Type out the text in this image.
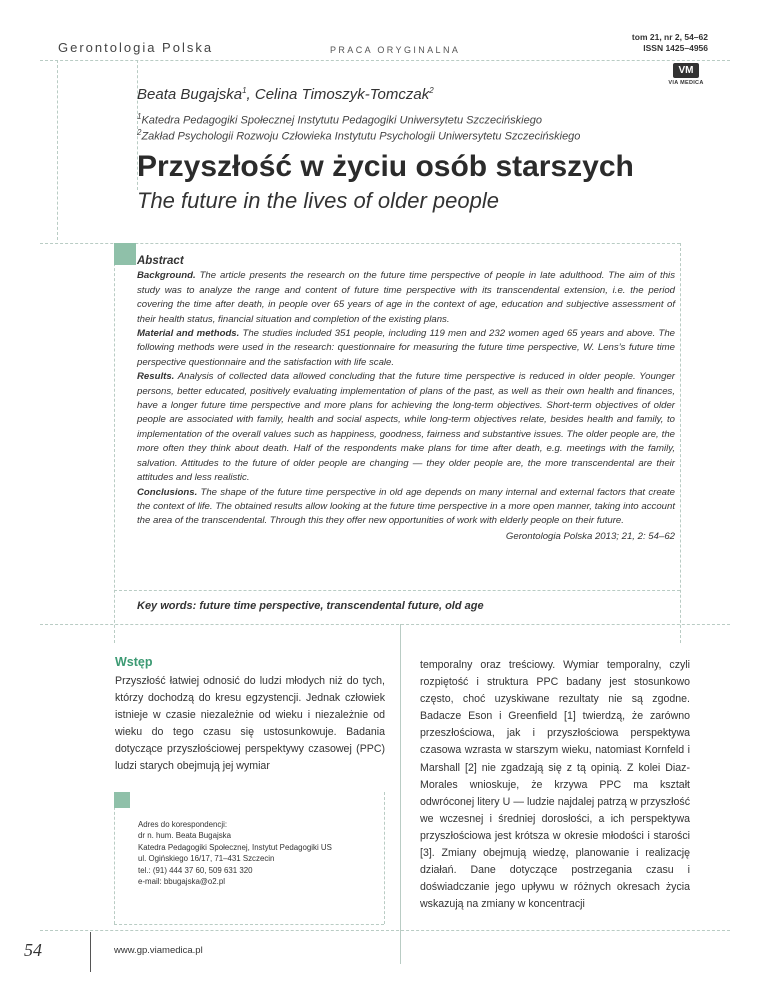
Gerontologia Polska	PRACA ORYGINALNA
tom 21, nr 2, 54–62
ISSN 1425–4956
VM
VIA MEDICA
Beata Bugajska$^1$, Celina Timoszyk-Tomczak$^2$
$^1$Katedra Pedagogiki Społecznej Instytutu Pedagogiki Uniwersytetu Szczecińskiego
$^2$Zakład Psychologii Rozwoju Człowieka Instytutu Psychologii Uniwersytetu Szczecińskiego
Przyszłość w życiu osób starszych
The future in the lives of older people
Abstract

Background. The article presents the research on the future time perspective of people in late adulthood. The aim of this study was to analyze the range and content of future time perspective with its transcendental extension, i.e. the period covering the time after death, in people over 65 years of age in the context of age, education and subjective assessment of their health status, financial situation and completion of the existing plans.

Material and methods. The studies included 351 people, including 119 men and 232 women aged 65 years and above. The following methods were used in the research: questionnaire for measuring the future time perspective, W. Lens’s future time perspective questionnaire and the satisfaction with life scale.

Results. Analysis of collected data allowed concluding that the future time perspective is reduced in older people. Younger persons, better educated, positively evaluating implementation of plans of the past, as well as their own health and finances, have a longer future time perspective and more plans for achieving the long-term objectives. Short-term objectives of older people are associated with family, health and social aspects, while long-term objectives relate, besides health and family, to implementation of the overall values such as happiness, goodness, fairness and substantive issues. The older people are, the more often they think about death. Half of the respondents make plans for time after death, e.g. meetings with the family, salvation. Attitudes to the future of older people are changing — they older people are, the more transcendental are their attitudes and less realistic.

Conclusions. The shape of the future time perspective in old age depends on many internal and external factors that create the context of life. The obtained results allow looking at the future time perspective in a more open manner, taking into account the area of the transcendental. Through this they offer new opportunities of work with elderly people on their future.

Gerontologia Polska 2013; 21, 2: 54–62
Key words: future time perspective, transcendental future, old age
Wstęp

Przyszłość łatwiej odnosić do ludzi młodych niż do tych, którzy dochodzą do kresu egzystencji. Jednak człowiek istnieje w czasie niezależnie od wieku i niezależnie od wieku do tego czasu się ustosunkowuje. Badania dotyczące przyszłościowej perspektywy czasowej (PPC) ludzi starych obejmują jej wymiar

Adres do korespondencji:
dr n. hum. Beata Bugajska
Katedra Pedagogiki Społecznej, Instytut Pedagogiki US
ul. Ogińskiego 16/17, 71–431 Szczecin
tel.: (91) 444 37 60, 509 631 320
e-mail: bbugajska@o2.pl

temporalny oraz treściowy. Wymiar temporalny, czyli rozpiętość i struktura PPC badany jest stosunkowo często, choć uzyskiwane rezultaty nie są zgodne. Badacze Eson i Greenfield [1] twierdzą, że zarówno przeszłościowa, jak i przyszłościowa perspektywa czasowa wzrasta w starszym wieku, natomiast Kornfeld i Marshall [2] nie zgadzają się z tą opinią. Z kolei Diaz-Morales wnioskuje, że krzywa PPC ma kształt odwróconej litery U — ludzie najdalej patrzą w przyszłość we wczesnej i średniej dorosłości, a ich perspektywa przyszłościowa jest krótsza w okresie młodości i starości [3]. Zmiany obejmują wiedzę, planowanie i realizację działań. Dane dotyczące postrzegania czasu i doświadczanie jego upływu w różnych okresach życia wskazują na zmiany w koncentracji

54	www.gp.viamedica.pl
